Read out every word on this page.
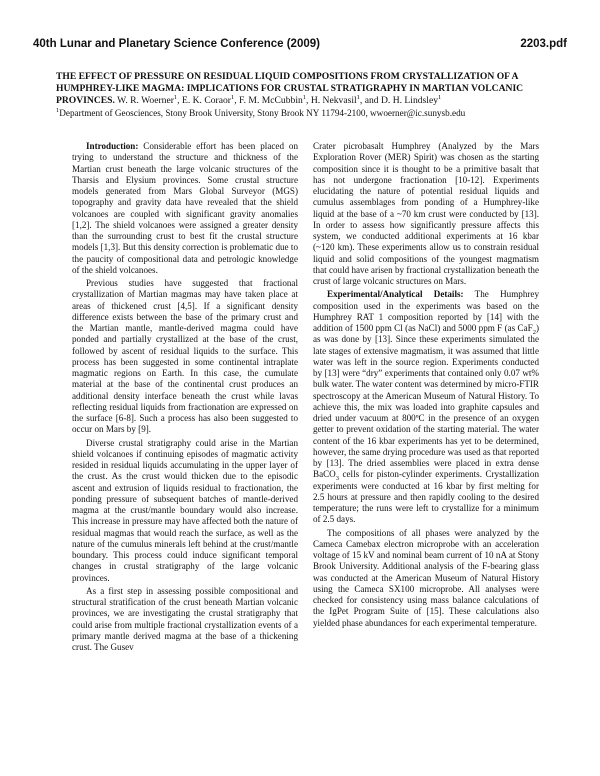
40th Lunar and Planetary Science Conference (2009)	2203.pdf
THE EFFECT OF PRESSURE ON RESIDUAL LIQUID COMPOSITIONS FROM CRYSTALLIZATION OF A HUMPHREY-LIKE MAGMA: IMPLICATIONS FOR CRUSTAL STRATIGRAPHY IN MARTIAN VOLCANIC PROVINCES. W. R. Woerner$^1$, E. K. Coraor$^1$, F. M. McCubbin$^1$, H. Nekvasil$^1$, and D. H. Lindsley$^1$
$^1$Department of Geosciences, Stony Brook University, Stony Brook NY 11794-2100, wwoerner@ic.sunysb.edu

Introduction: Considerable effort has been placed on trying to understand the structure and thickness of the Martian crust beneath the large volcanic structures of the Tharsis and Elysium provinces. Some crustal structure models generated from Mars Global Surveyor (MGS) topography and gravity data have revealed that the shield volcanoes are coupled with significant gravity anomalies [1,2]. The shield volcanoes were assigned a greater density than the surrounding crust to best fit the crustal structure models [1,3]. But this density correction is problematic due to the paucity of compositional data and petrologic knowledge of the shield volcanoes.

Previous studies have suggested that fractional crystallization of Martian magmas may have taken place at areas of thickened crust [4,5]. If a significant density difference exists between the base of the primary crust and the Martian mantle, mantle-derived magma could have ponded and partially crystallized at the base of the crust, followed by ascent of residual liquids to the surface. This process has been suggested in some continental intraplate magmatic regions on Earth. In this case, the cumulate material at the base of the continental crust produces an additional density interface beneath the crust while lavas reflecting residual liquids from fractionation are expressed on the surface [6-8]. Such a process has also been suggested to occur on Mars by [9].

Diverse crustal stratigraphy could arise in the Martian shield volcanoes if continuing episodes of magmatic activity resided in residual liquids accumulating in the upper layer of the crust. As the crust would thicken due to the episodic ascent and extrusion of liquids residual to fractionation, the ponding pressure of subsequent batches of mantle-derived magma at the crust/mantle boundary would also increase. This increase in pressure may have affected both the nature of residual magmas that would reach the surface, as well as the nature of the cumulus minerals left behind at the crust/mantle boundary. This process could induce significant temporal changes in crustal stratigraphy of the large volcanic provinces.

As a first step in assessing possible compositional and structural stratification of the crust beneath Martian volcanic provinces, we are investigating the crustal stratigraphy that could arise from multiple fractional crystallization events of a primary mantle derived magma at the base of a thickening crust. The Gusev

Crater picrobasalt Humphrey (Analyzed by the Mars Exploration Rover (MER) Spirit) was chosen as the starting composition since it is thought to be a primitive basalt that has not undergone fractionation [10-12]. Experiments elucidating the nature of potential residual liquids and cumulus assemblages from ponding of a Humphrey-like liquid at the base of a ~70 km crust were conducted by [13]. In order to assess how significantly pressure affects this system, we conducted additional experiments at 16 kbar (~120 km). These experiments allow us to constrain residual liquid and solid compositions of the youngest magmatism that could have arisen by fractional crystallization beneath the crust of large volcanic structures on Mars.

Experimental/Analytical Details: The Humphrey composition used in the experiments was based on the Humphrey RAT 1 composition reported by [14] with the addition of 1500 ppm Cl (as NaCl) and 5000 ppm F (as CaF$_2$) as was done by [13]. Since these experiments simulated the late stages of extensive magmatism, it was assumed that little water was left in the source region. Experiments conducted by [13] were “dry” experiments that contained only 0.07 wt% bulk water. The water content was determined by micro-FTIR spectroscopy at the American Museum of Natural History. To achieve this, the mix was loaded into graphite capsules and dried under vacuum at 800ºC in the presence of an oxygen getter to prevent oxidation of the starting material. The water content of the 16 kbar experiments has yet to be determined, however, the same drying procedure was used as that reported by [13]. The dried assemblies were placed in extra dense BaCO$_3$ cells for piston-cylinder experiments. Crystallization experiments were conducted at 16 kbar by first melting for 2.5 hours at pressure and then rapidly cooling to the desired temperature; the runs were left to crystallize for a minimum of 2.5 days.

The compositions of all phases were analyzed by the Cameca Camebax electron microprobe with an acceleration voltage of 15 kV and nominal beam current of 10 nA at Stony Brook University. Additional analysis of the F-bearing glass was conducted at the American Museum of Natural History using the Cameca SX100 microprobe. All analyses were checked for consistency using mass balance calculations of the IgPet Program Suite of [15]. These calculations also yielded phase abundances for each experimental temperature.
